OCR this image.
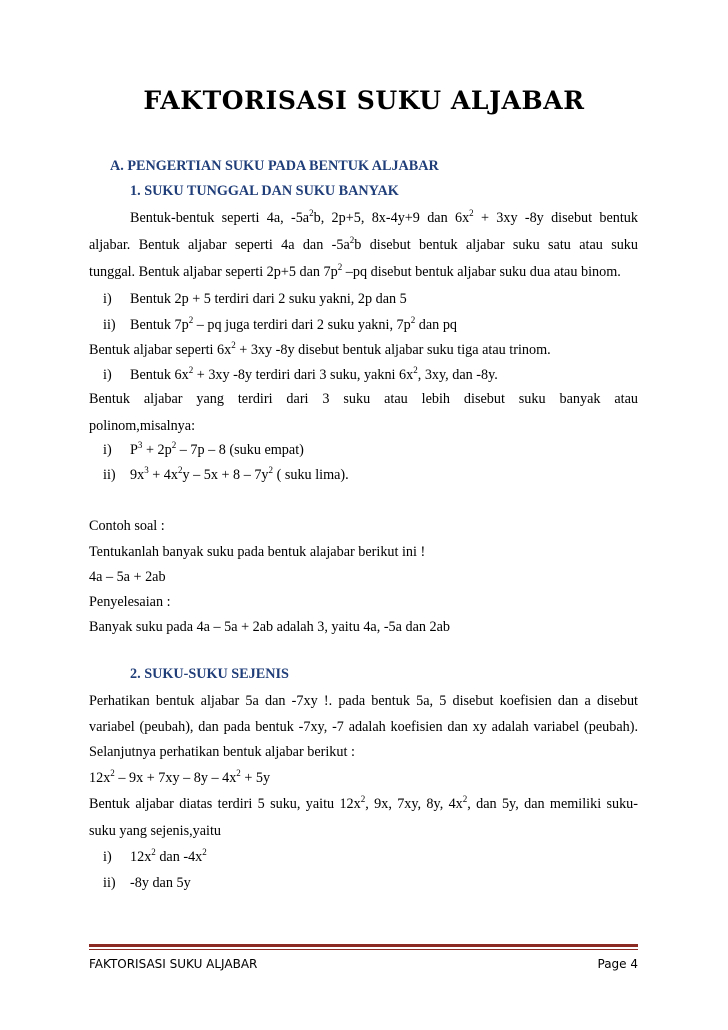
FAKTORISASI SUKU ALJABAR
A. PENGERTIAN SUKU PADA BENTUK ALJABAR
1. SUKU TUNGGAL DAN SUKU BANYAK
Bentuk-bentuk seperti 4a, $-5a^2b$, 2p+5, 8x-4y+9 dan $6x^2 + 3xy$ -8y disebut bentuk
aljabar. Bentuk aljabar seperti 4a dan $-5a^2b$ disebut bentuk aljabar suku satu atau suku
tunggal. Bentuk aljabar seperti 2p+5 dan $7p^2$ –pq disebut bentuk aljabar suku dua atau binom.
i) Bentuk 2p + 5 terdiri dari 2 suku yakni, 2p dan 5
ii) Bentuk $7p^2$ – pq juga terdiri dari 2 suku yakni, $7p^2$ dan pq
Bentuk aljabar seperti $6x^2 + 3xy$ -8y disebut bentuk aljabar suku tiga atau trinom.
i) Bentuk $6x^2 + 3xy$ -8y terdiri dari 3 suku, yakni $6x^2$, 3xy, dan -8y.
Bentuk aljabar yang terdiri dari 3 suku atau lebih disebut suku banyak atau
polinom,misalnya:
i) $P^3 + 2p^2 - 7p - 8$ (suku empat)
ii) $9x^3 + 4x^2y - 5x + 8 - 7y^2$ ( suku lima).
Contoh soal :
Tentukanlah banyak suku pada bentuk alajabar berikut ini !
4a – 5a + 2ab
Penyelesaian :
Banyak suku pada 4a – 5a + 2ab adalah 3, yaitu 4a, -5a dan 2ab
2. SUKU-SUKU SEJENIS
Perhatikan bentuk aljabar 5a dan -7xy !. pada bentuk 5a, 5 disebut koefisien dan a disebut
variabel (peubah), dan pada bentuk -7xy, -7 adalah koefisien dan xy adalah variabel (peubah).
Selanjutnya perhatikan bentuk aljabar berikut :
$12x^2 - 9x + 7xy - 8y - 4x^2 + 5y$
Bentuk aljabar diatas terdiri 5 suku, yaitu $12x^2$, 9x, 7xy, 8y, $4x^2$, dan 5y, dan memiliki suku-
suku yang sejenis,yaitu
i) $12x^2$ dan $-4x^2$
ii) -8y dan 5y
FAKTORISASI SUKU ALJABAR	Page 4
